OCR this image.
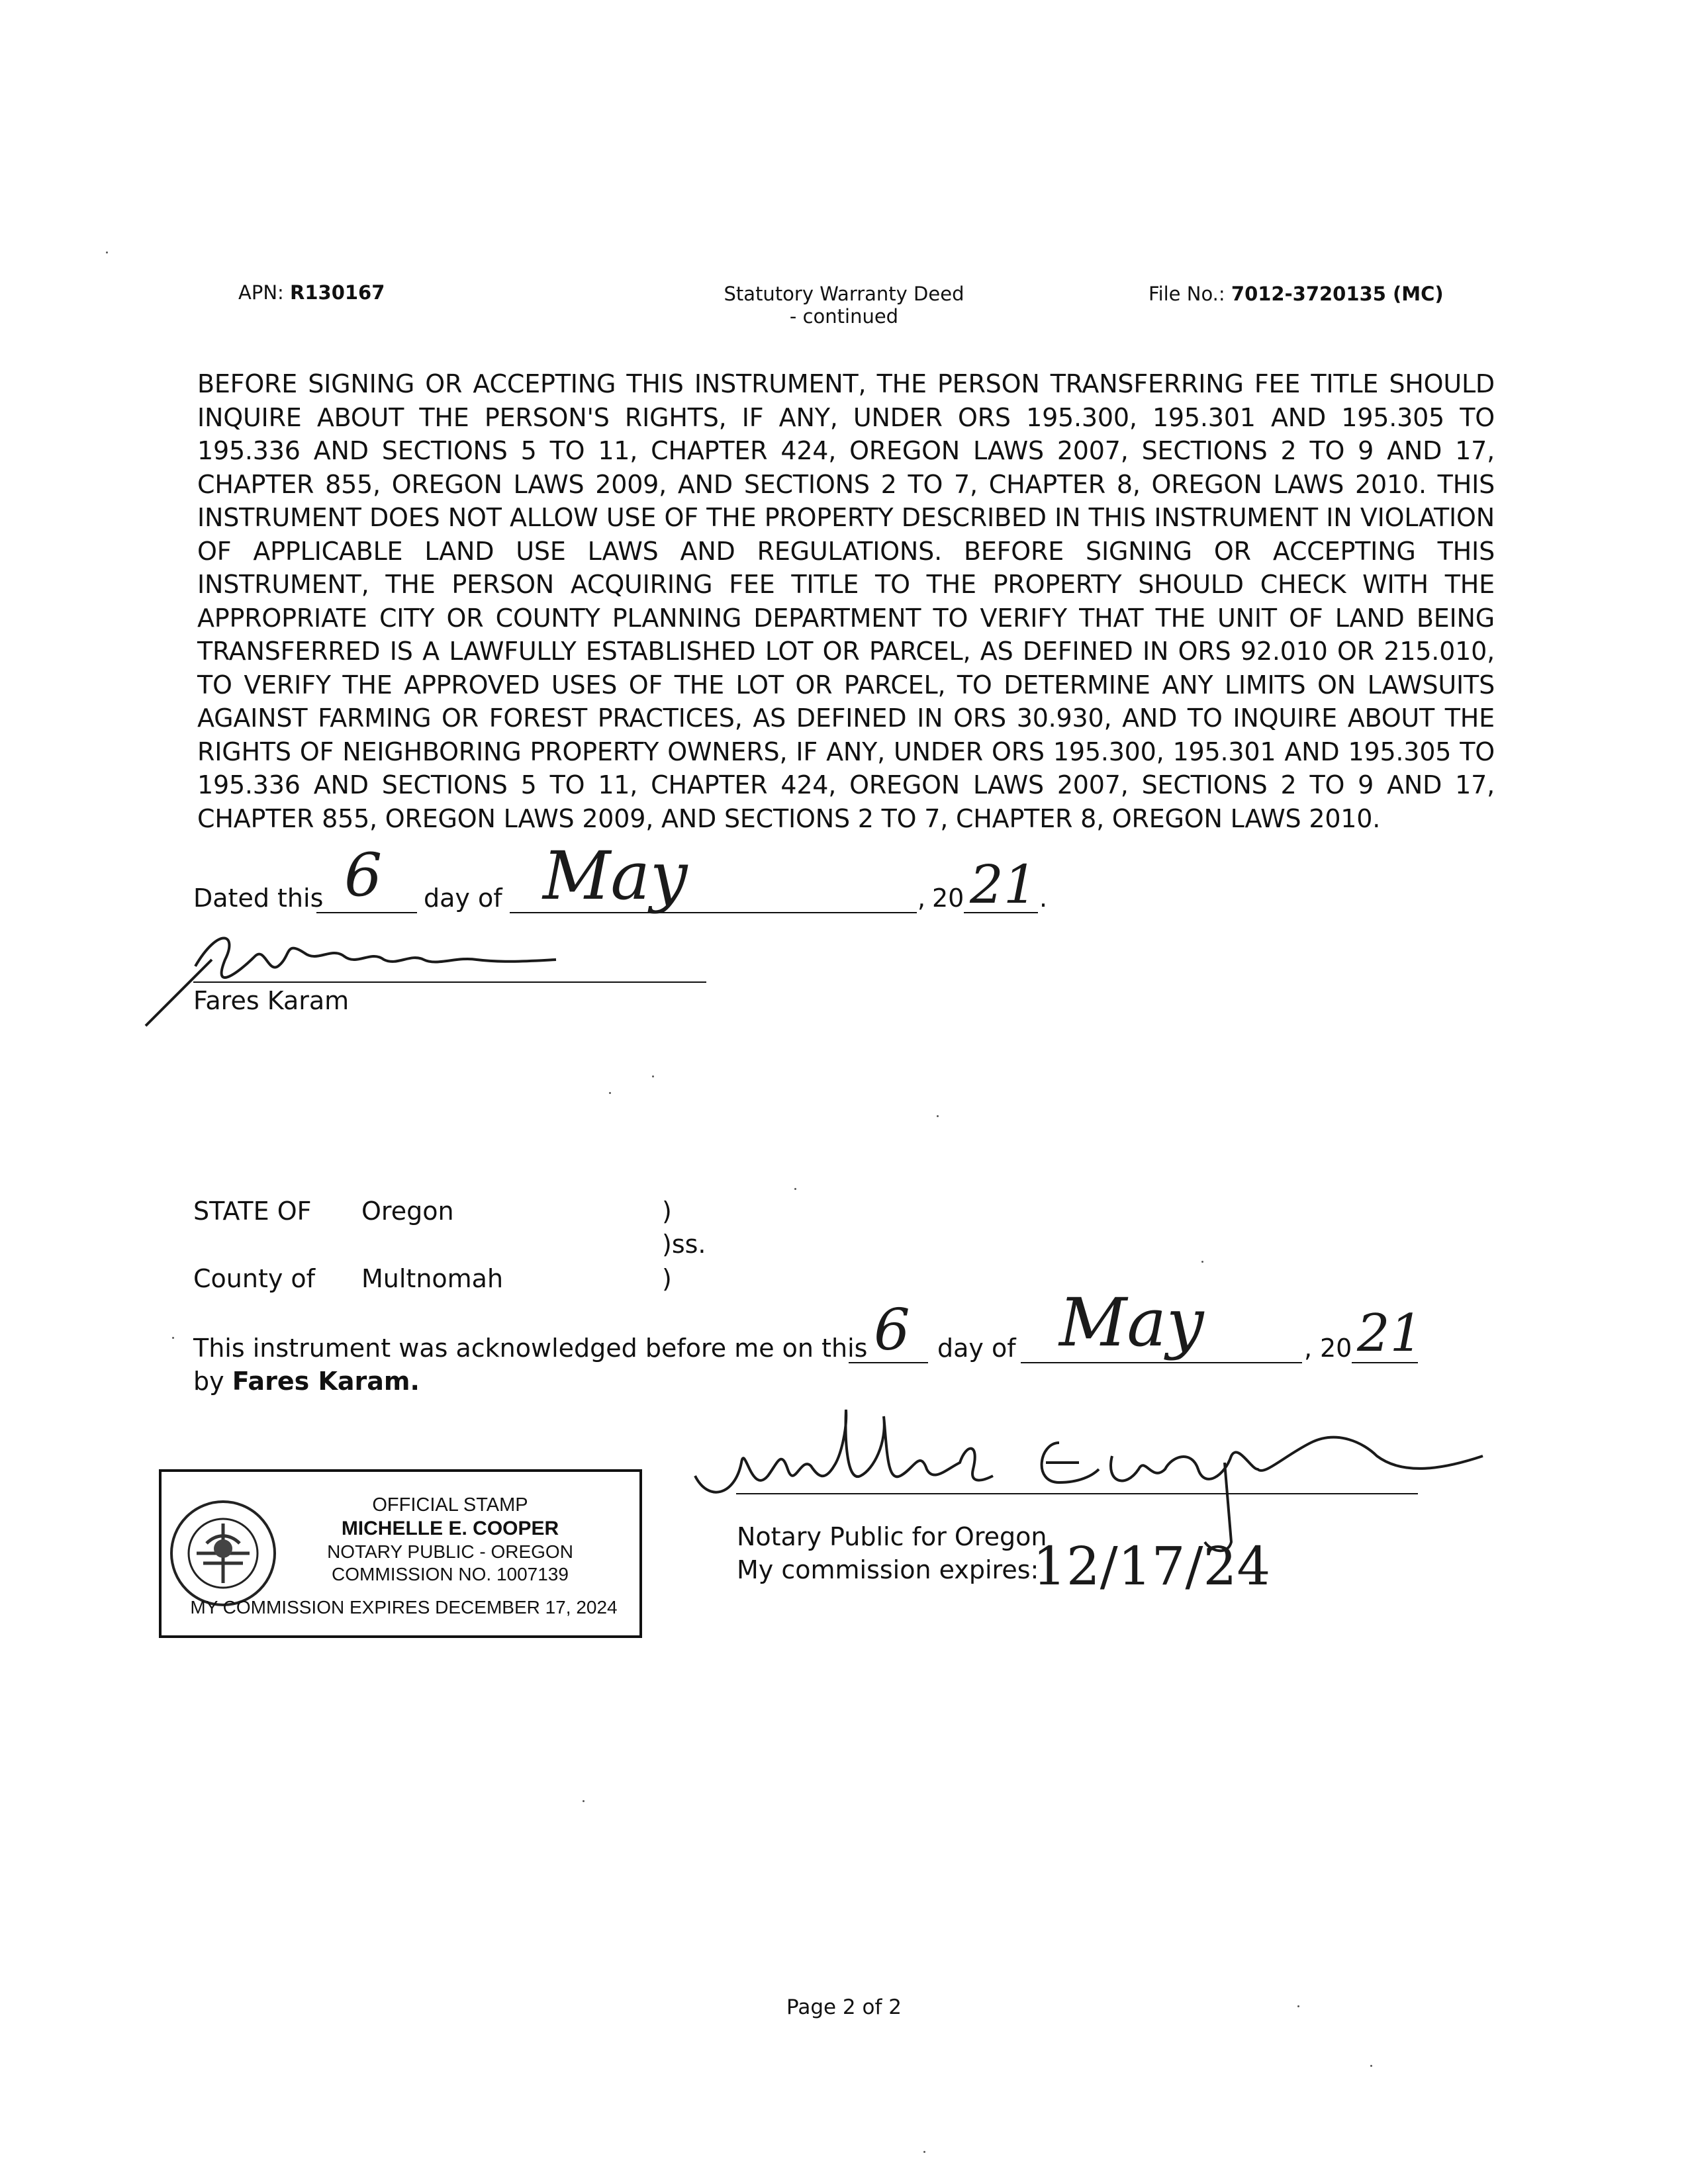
APN: R130167	Statutory Warranty Deed
- continued
File No.: 7012-3720135 (MC)
BEFORE SIGNING OR ACCEPTING THIS INSTRUMENT, THE PERSON TRANSFERRING FEE TITLE SHOULD INQUIRE ABOUT THE PERSON'S RIGHTS, IF ANY, UNDER ORS 195.300, 195.301 AND 195.305 TO 195.336 AND SECTIONS 5 TO 11, CHAPTER 424, OREGON LAWS 2007, SECTIONS 2 TO 9 AND 17, CHAPTER 855, OREGON LAWS 2009, AND SECTIONS 2 TO 7, CHAPTER 8, OREGON LAWS 2010. THIS INSTRUMENT DOES NOT ALLOW USE OF THE PROPERTY DESCRIBED IN THIS INSTRUMENT IN VIOLATION OF APPLICABLE LAND USE LAWS AND REGULATIONS. BEFORE SIGNING OR ACCEPTING THIS INSTRUMENT, THE PERSON ACQUIRING FEE TITLE TO THE PROPERTY SHOULD CHECK WITH THE APPROPRIATE CITY OR COUNTY PLANNING DEPARTMENT TO VERIFY THAT THE UNIT OF LAND BEING TRANSFERRED IS A LAWFULLY ESTABLISHED LOT OR PARCEL, AS DEFINED IN ORS 92.010 OR 215.010, TO VERIFY THE APPROVED USES OF THE LOT OR PARCEL, TO DETERMINE ANY LIMITS ON LAWSUITS AGAINST FARMING OR FOREST PRACTICES, AS DEFINED IN ORS 30.930, AND TO INQUIRE ABOUT THE RIGHTS OF NEIGHBORING PROPERTY OWNERS, IF ANY, UNDER ORS 195.300, 195.301 AND 195.305 TO 195.336 AND SECTIONS 5 TO 11, CHAPTER 424, OREGON LAWS 2007, SECTIONS 2 TO 9 AND 17, CHAPTER 855, OREGON LAWS 2009, AND SECTIONS 2 TO 7, CHAPTER 8, OREGON LAWS 2010.
Dated this 6 day of May	, 20 21 .
Fares Karam
STATE OF Oregon	)
)ss.
County of Multnomah	)
This instrument was acknowledged before me on this 6 day of May	, 20 21
by Fares Karam.
Notary Public for Oregon
My commission expires:
12/17/24
OFFICIAL STAMP
MICHELLE E. COOPER
NOTARY PUBLIC - OREGON
COMMISSION NO. 1007139
MY COMMISSION EXPIRES DECEMBER 17, 2024
Page 2 of 2
